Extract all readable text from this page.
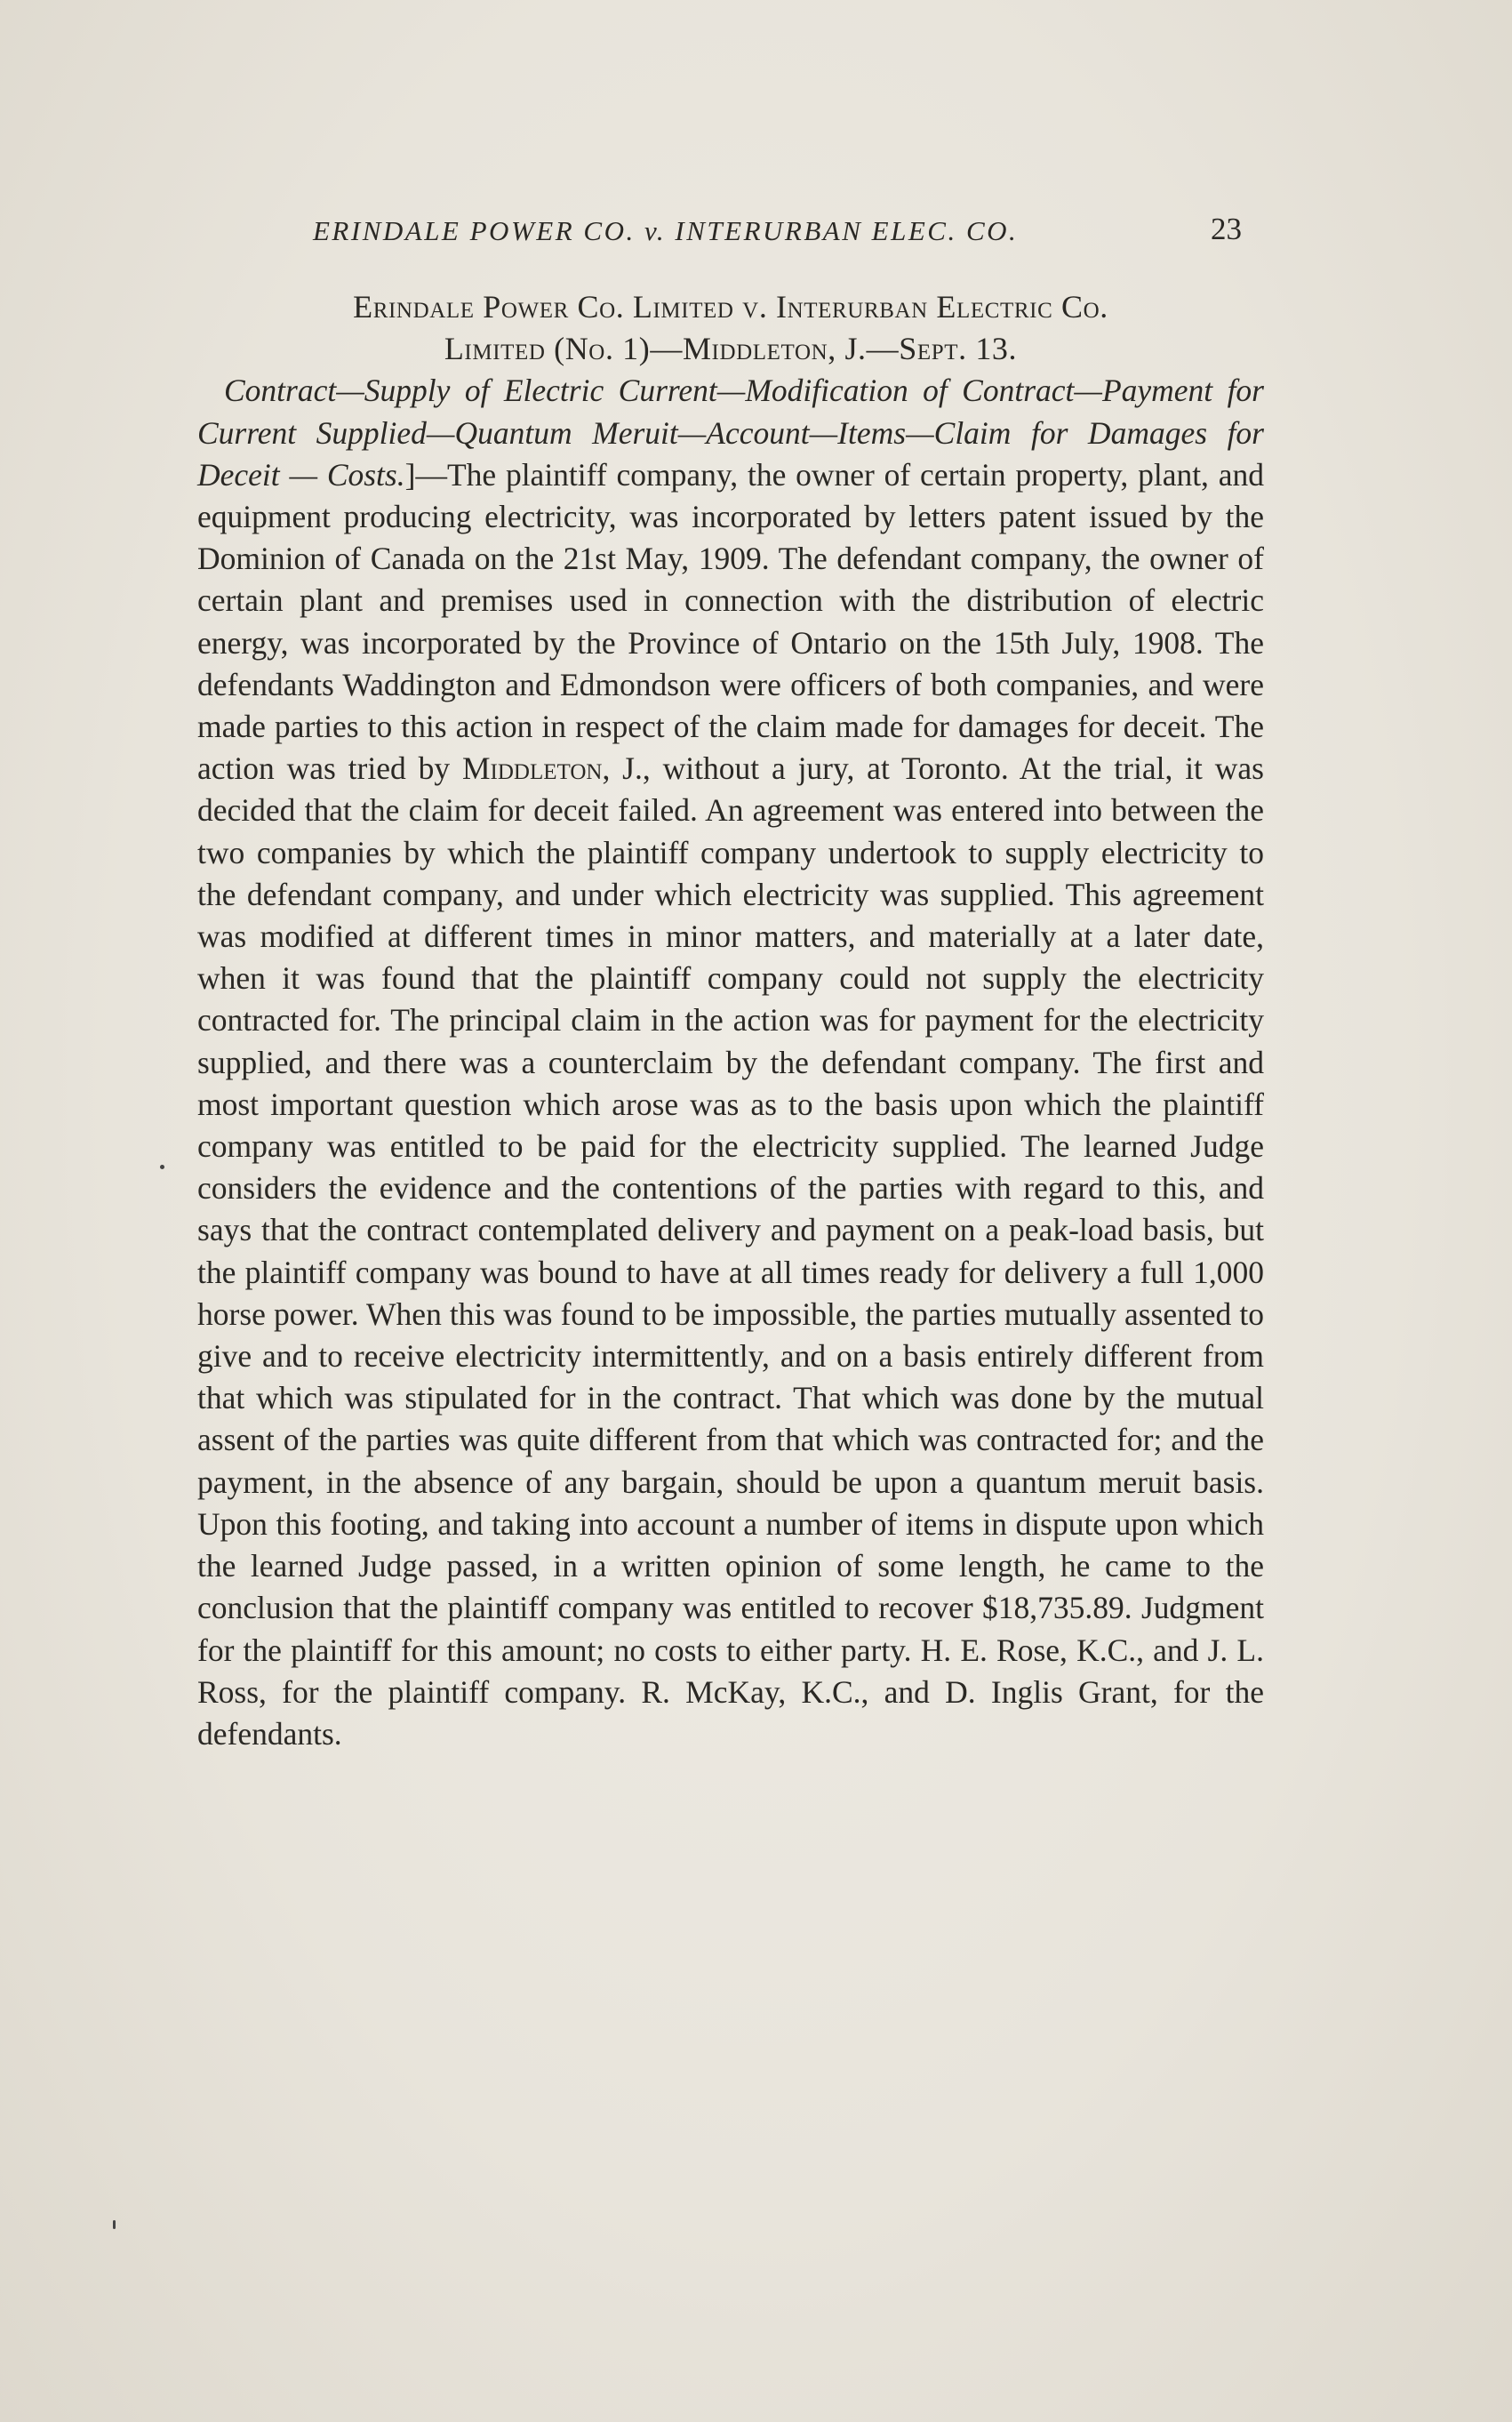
ERINDALE POWER CO. v. INTERURBAN ELEC. CO.	23
Erindale Power Co. Limited v. Interurban Electric Co.
Limited (No. 1)—Middleton, J.—Sept. 13.

Contract—Supply of Electric Current—Modification of Contract—Payment for Current Supplied—Quantum Meruit—Account—Items—Claim for Damages for Deceit — Costs.]—The plaintiff company, the owner of certain property, plant, and equipment producing electricity, was incorporated by letters patent issued by the Dominion of Canada on the 21st May, 1909. The defendant company, the owner of certain plant and premises used in connection with the distribution of electric energy, was incorporated by the Province of Ontario on the 15th July, 1908. The defendants Waddington and Edmondson were officers of both companies, and were made parties to this action in respect of the claim made for damages for deceit. The action was tried by Middleton, J., without a jury, at Toronto. At the trial, it was decided that the claim for deceit failed. An agreement was entered into between the two companies by which the plaintiff company undertook to supply electricity to the defendant company, and under which electricity was supplied. This agreement was modified at different times in minor matters, and materially at a later date, when it was found that the plaintiff company could not supply the electricity contracted for. The principal claim in the action was for payment for the electricity supplied, and there was a counterclaim by the defendant company. The first and most important question which arose was as to the basis upon which the plaintiff company was entitled to be paid for the electricity supplied. The learned Judge considers the evidence and the contentions of the parties with regard to this, and says that the contract contemplated delivery and payment on a peak-load basis, but the plaintiff company was bound to have at all times ready for delivery a full 1,000 horse power. When this was found to be impossible, the parties mutually assented to give and to receive electricity intermittently, and on a basis entirely different from that which was stipulated for in the contract. That which was done by the mutual assent of the parties was quite different from that which was contracted for; and the payment, in the absence of any bargain, should be upon a quantum meruit basis. Upon this footing, and taking into account a number of items in dispute upon which the learned Judge passed, in a written opinion of some length, he came to the conclusion that the plaintiff company was entitled to recover $18,735.89. Judgment for the plaintiff for this amount; no costs to either party. H. E. Rose, K.C., and J. L. Ross, for the plaintiff company. R. McKay, K.C., and D. Inglis Grant, for the defendants.
